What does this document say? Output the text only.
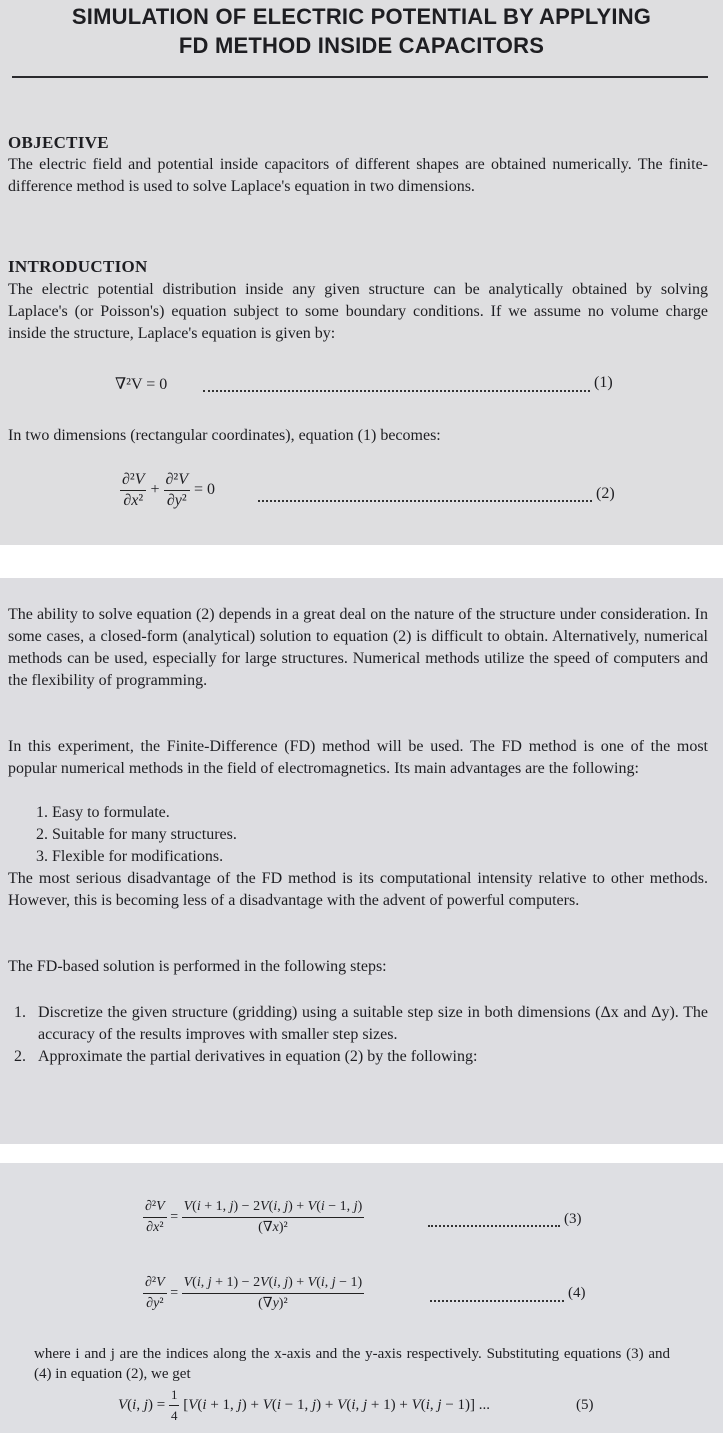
SIMULATION OF ELECTRIC POTENTIAL BY APPLYING
FD METHOD INSIDE CAPACITORS
OBJECTIVE

The electric field and potential inside capacitors of different shapes are obtained numerically. The finite-difference method is used to solve Laplace's equation in two dimensions.

INTRODUCTION

The electric potential distribution inside any given structure can be analytically obtained by solving Laplace's (or Poisson's) equation subject to some boundary conditions. If we assume no volume charge inside the structure, Laplace's equation is given by:

∇²V = 0	(1)

In two dimensions (rectangular coordinates), equation (1) becomes:

$\frac{\text{∂²V}}{\text{∂x²}} + \frac{\text{∂²V}}{\text{∂y²}} = 0$	(2)

The ability to solve equation (2) depends in a great deal on the nature of the structure under consideration. In some cases, a closed-form (analytical) solution to equation (2) is difficult to obtain. Alternatively, numerical methods can be used, especially for large structures. Numerical methods utilize the speed of computers and the flexibility of programming.

In this experiment, the Finite-Difference (FD) method will be used. The FD method is one of the most popular numerical methods in the field of electromagnetics. Its main advantages are the following:

1. Easy to formulate.
2. Suitable for many structures.
3. Flexible for modifications.

The most serious disadvantage of the FD method is its computational intensity relative to other methods. However, this is becoming less of a disadvantage with the advent of powerful computers.

The FD-based solution is performed in the following steps:

1. Discretize the given structure (gridding) using a suitable step size in both dimensions (Δx and Δy). The accuracy of the results improves with smaller step sizes.

2. Approximate the partial derivatives in equation (2) by the following:

$\frac{\text{∂²V}}{\text{∂x²}} = \frac{V(i + 1, j) - 2V(i, j) + V(i - 1, j)}{\text{(∇x)²}}$	(3)
$\frac{\text{∂²V}}{\text{∂y²}} = \frac{V(i, j + 1) - 2V(i, j) + V(i, j - 1)}{\text{(∇y)²}}$	(4)

where i and j are the indices along the x-axis and the y-axis respectively. Substituting equations (3) and (4) in equation (2), we get

V(i, $j) = \frac{1}{4} [V(i + 1$, j) + V(i − 1, j) + V(i, j + 1) + V(i, j − 1)] ...	(5)
